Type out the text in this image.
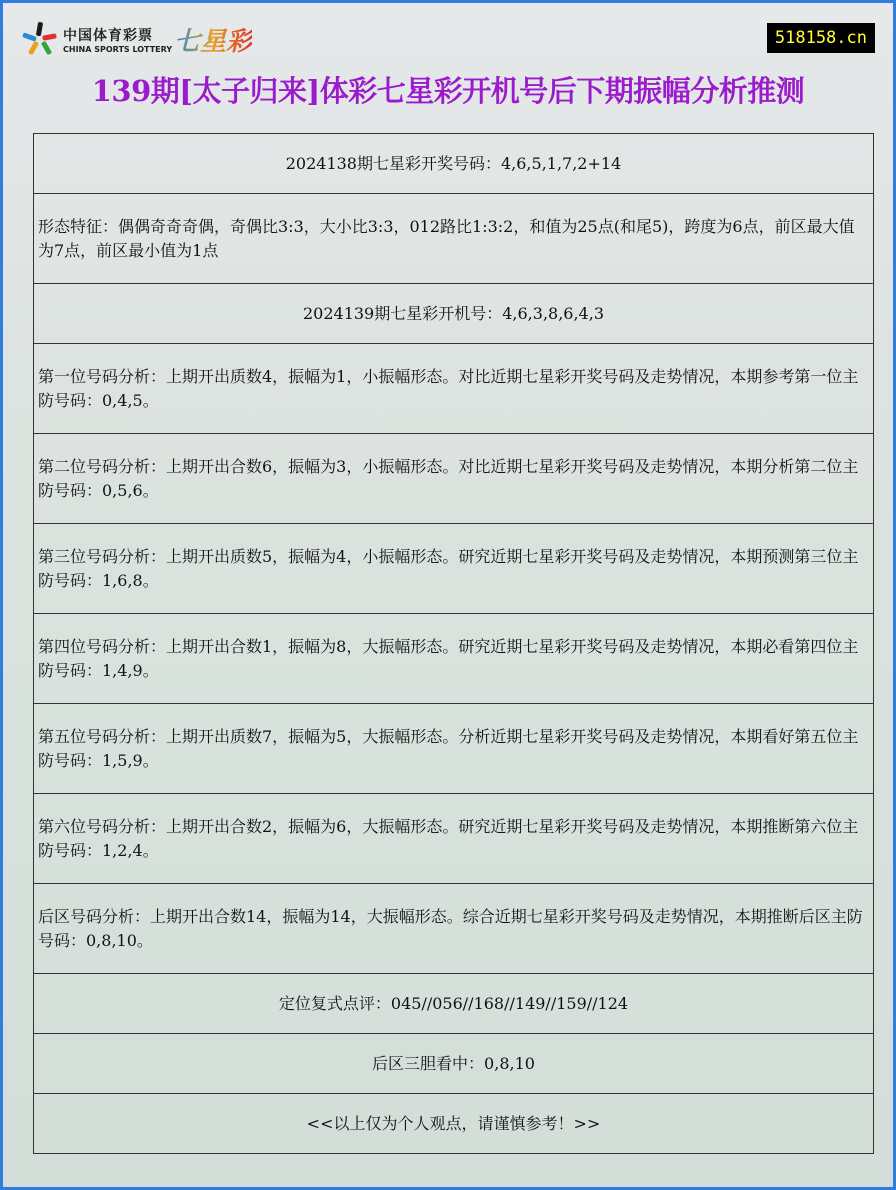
中国体育彩票
CHINA SPORTS LOTTERY 七星彩	518158.cn
139期[太子归来]体彩七星彩开机号后下期振幅分析推测
2024138期七星彩开奖号码：4,6,5,1,7,2+14
形态特征：偶偶奇奇奇偶，奇偶比3:3，大小比3:3，012路比1:3:2，和值为25点(和尾5)，跨度为6点，前区最大值为7点，前区最小值为1点
2024139期七星彩开机号：4,6,3,8,6,4,3
第一位号码分析：上期开出质数4，振幅为1，小振幅形态。对比近期七星彩开奖号码及走势情况，本期参考第一位主防号码：0,4,5。
第二位号码分析：上期开出合数6，振幅为3，小振幅形态。对比近期七星彩开奖号码及走势情况，本期分析第二位主防号码：0,5,6。
第三位号码分析：上期开出质数5，振幅为4，小振幅形态。研究近期七星彩开奖号码及走势情况，本期预测第三位主防号码：1,6,8。
第四位号码分析：上期开出合数1，振幅为8，大振幅形态。研究近期七星彩开奖号码及走势情况，本期必看第四位主防号码：1,4,9。
第五位号码分析：上期开出质数7，振幅为5，大振幅形态。分析近期七星彩开奖号码及走势情况，本期看好第五位主防号码：1,5,9。
第六位号码分析：上期开出合数2，振幅为6，大振幅形态。研究近期七星彩开奖号码及走势情况，本期推断第六位主防号码：1,2,4。
后区号码分析：上期开出合数14，振幅为14，大振幅形态。综合近期七星彩开奖号码及走势情况，本期推断后区主防号码：0,8,10。
定位复式点评：045//056//168//149//159//124
后区三胆看中：0,8,10
<<以上仅为个人观点，请谨慎参考！>>
